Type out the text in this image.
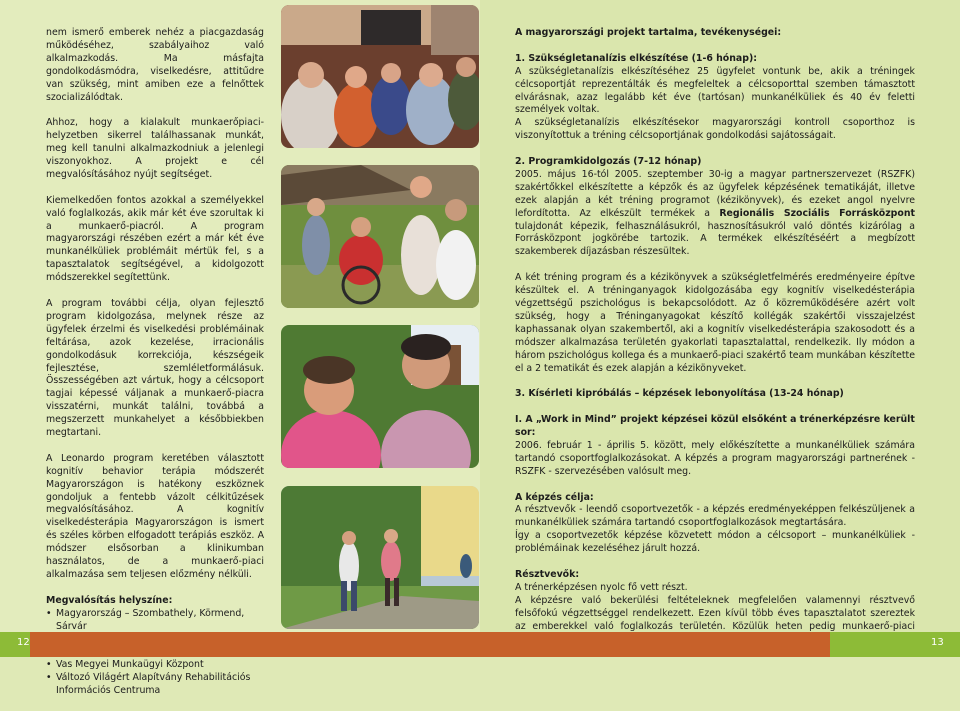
nem ismerő emberek nehéz a piacgazdaság működéséhez, szabályaihoz való alkalmazkodás. Ma másfajta gondolkodásmódra, viselkedésre, attitűdre van szükség, mint amiben eze a felnőttek szocializálódtak.

Ahhoz, hogy a kialakult munkaerőpiaci-helyzetben sikerrel találhassanak munkát, meg kell tanulni alkalmazkodniuk a jelenlegi viszonyokhoz. A projekt e cél megvalósításához nyújt segítséget.

Kiemelkedően fontos azokkal a személyekkel való foglalkozás, akik már két éve szorultak ki a munkaerő-piacról. A program magyarországi részében ezért a már két éve munkanélküliek problémáit mértük fel, s a tapasztalatok segítségével, a kidolgozott módszerekkel segítettünk.

A program további célja, olyan fejlesztő program kidolgozása, melynek része az ügyfelek érzelmi és viselkedési problémáinak feltárása, azok kezelése, irracionális gondolkodásuk korrekciója, készségeik fejlesztése, szemléletformálásuk. Összességében azt vártuk, hogy a célcsoport tagjai képessé váljanak a munkaerő-piacra visszatérni, munkát találni, továbbá a megszerzett munkahelyet a későbbiekben megtartani.

A Leonardo program keretében választott kognitív behavior terápia módszerét Magyarországon is hatékony eszköznek gondoljuk a fentebb vázolt célkitűzések megvalósításához. A kognitív viselkedésterápia Magyarországon is ismert és széles körben elfogadott terápiás eszköz. A módszer elsősorban a klinikumban használatos, de a munkaerő-piaci alkalmazása sem teljesen előzmény nélküli.

Megvalósítás helyszíne:
• Magyarország – Szombathely, Körmend, Sárvár
• Vas Megyei Munkaügyi Központ
• Változó Világért Alapítvány Rehabilitációs Információs Centruma
A magyarországi projekt tartalma, tevékenységei:
1. Szükségletanalízis elkészítése (1-6 hónap):

A szükségletanalízis elkészítéséhez 25 ügyfelet vontunk be, akik a tréningek célcsoportját reprezentálták és megfeleltek a célcsoporttal szemben támasztott elvárásnak, azaz legalább két éve (tartósan) munkanélküliek és 40 év feletti személyek voltak.

A szükségletanalízis elkészítésekor magyarországi kontroll csoporthoz is viszonyítottuk a tréning célcsoportjának gondolkodási sajátosságait.

2. Programkidolgozás (7-12 hónap)

2005. május 16-tól 2005. szeptember 30-ig a magyar partnerszervezet (RSZFK) szakértőkkel elkészítette a képzők és az ügyfelek képzésének tematikáját, illetve ezek alapján a két tréning programot (kézikönyvek), és ezeket angol nyelvre lefordította. Az elkészült termékek a Regionális Szociális Forrásközpont tulajdonát képezik, felhasználásukról, hasznosításukról való döntés kizárólag a Forrásközpont jogkörébe tartozik. A termékek elkészítéséért a megbízott szakemberek díjazásban részesültek.

A két tréning program és a kézikönyvek a szükségletfelmérés eredményeire építve készültek el. A tréninganyagok kidolgozásába egy kognitív viselkedésterápia végzettségű pszichológus is bekapcsolódott. Az ő közreműködésére azért volt szükség, hogy a Tréninganyagokat készítő kollégák szakértői visszajelzést kaphassanak olyan szakembertől, aki a kognitív viselkedésterápia szakosodott és a módszer alkalmazása területén gyakorlati tapasztalattal, rendelkezik. Ily módon a három pszichológus kollega és a munkaerő-piaci szakértő team munkában készítette el a 2 tematikát és ezek alapján a kézikönyveket.

3. Kísérleti kipróbálás – képzések lebonyolítása (13-24 hónap)
I. A „Work in Mind” projekt képzései közül elsőként a trénerképzésre került sor:

2006. február 1 - április 5. között, mely előkészítette a munkanélküliek számára tartandó csoportfoglalkozásokat. A képzés a program magyarországi partnerének - RSZFK - szervezésében valósult meg.

A képzés célja:

A résztvevők - leendő csoportvezetők - a képzés eredményeképpen felkészüljenek a munkanélküliek számára tartandó csoportfoglalkozások megtartására.

Így a csoportvezetők képzése közvetett módon a célcsoport – munkanélküliek - problémáinak kezeléséhez járult hozzá.

Résztvevők:

A trénerképzésen nyolc fő vett részt.

A képzésre való bekerülési feltételeknek megfelelően valamennyi résztvevő felsőfokú végzettséggel rendelkezett. Ezen kívül több éves tapasztalatot szereztek az emberekkel való foglalkozás területén. Közülük heten pedig munkaerő-piaci

12	13
